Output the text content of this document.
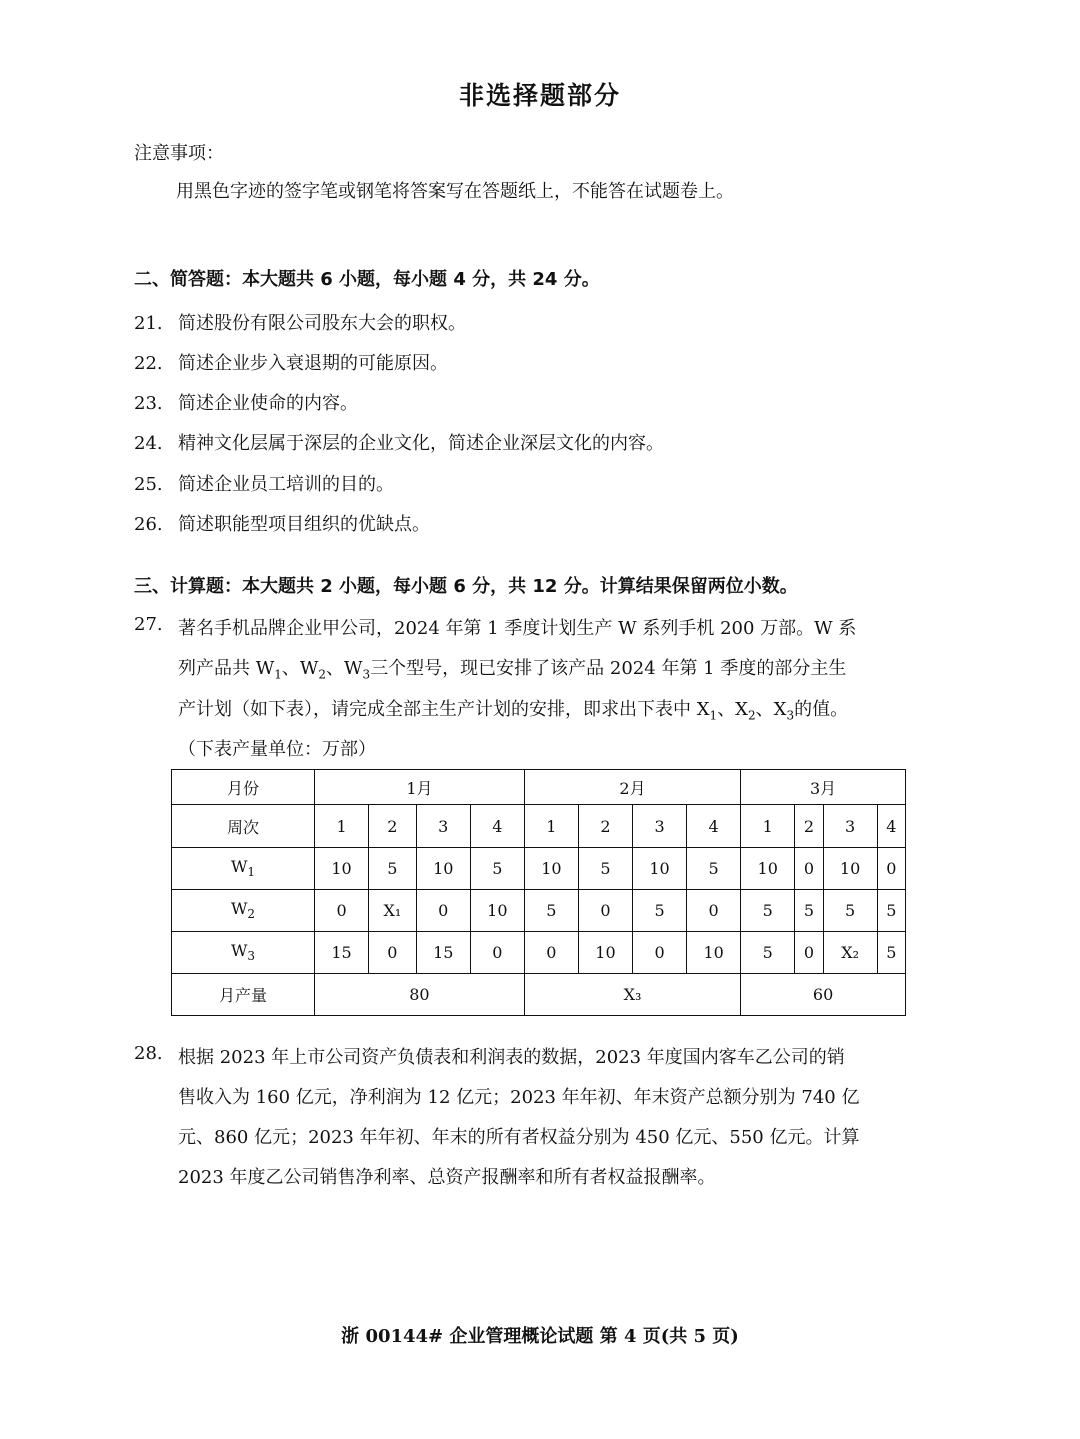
非选择题部分
注意事项：
用黑色字迹的签字笔或钢笔将答案写在答题纸上，不能答在试题卷上。
二、简答题：本大题共 6 小题，每小题 4 分，共 24 分。
21. 简述股份有限公司股东大会的职权。
22. 简述企业步入衰退期的可能原因。
23. 简述企业使命的内容。
24. 精神文化层属于深层的企业文化，简述企业深层文化的内容。
25. 简述企业员工培训的目的。
26. 简述职能型项目组织的优缺点。
三、计算题：本大题共 2 小题，每小题 6 分，共 12 分。计算结果保留两位小数。
27. 著名手机品牌企业甲公司，2024 年第 1 季度计划生产 W 系列手机 200 万部。W 系
列产品共 $W_1$、$W_2$、$W_3$三个型号，现已安排了该产品 2024 年第 1 季度的部分主生
产计划（如下表），请完成全部主生产计划的安排，即求出下表中 $X_1$、$X_2$、$X_3$的值。
（下表产量单位：万部）
月份	1月				2月				3月			
周次	1	2	3	4	1	2	3	4	1	2	3	4
$W_1$	10	5	10	5	10	5	10	5	10	0	10	0
$W_2$	0	X₁	0	10	5	0	5	0	5	5	5	5
$W_3$	15	0	15	0	0	10	0	10	5	0	X₂	5
月产量	80				X₃				60			
28. 根据 2023 年上市公司资产负债表和利润表的数据，2023 年度国内客车乙公司的销
售收入为 160 亿元，净利润为 12 亿元；2023 年年初、年末资产总额分别为 740 亿
元、860 亿元；2023 年年初、年末的所有者权益分别为 450 亿元、550 亿元。计算
2023 年度乙公司销售净利率、总资产报酬率和所有者权益报酬率。
浙 00144# 企业管理概论试题 第 4 页(共 5 页)
